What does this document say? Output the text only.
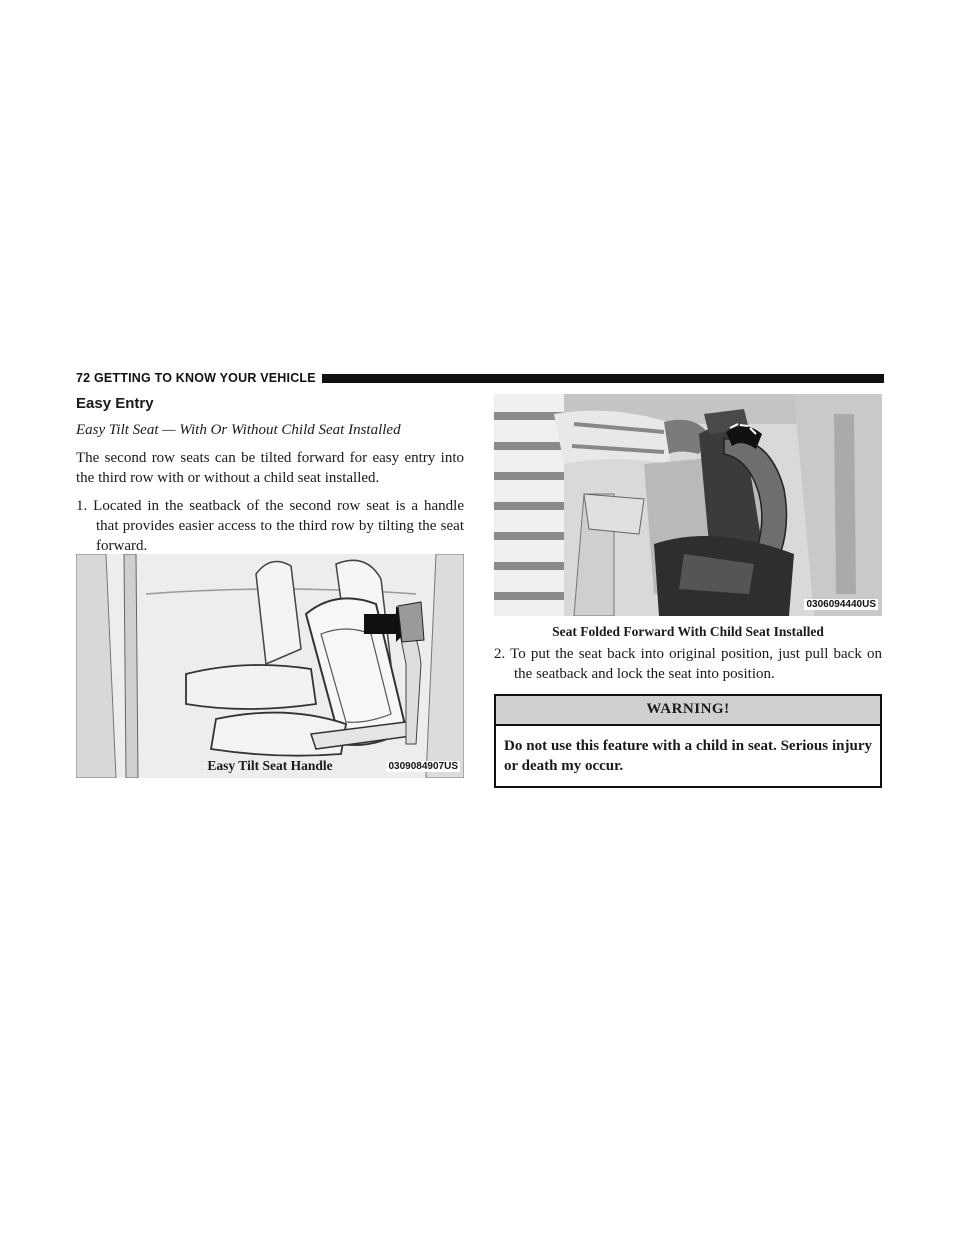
72 GETTING TO KNOW YOUR VEHICLE
Easy Entry
Easy Tilt Seat — With Or Without Child Seat Installed
The second row seats can be tilted forward for easy entry into the third row with or without a child seat installed.
1. Located in the seatback of the second row seat is a handle that provides easier access to the third row by tilting the seat forward.
0309084907US
Easy Tilt Seat Handle
0306094440US
Seat Folded Forward With Child Seat Installed
2. To put the seat back into original position, just pull back on the seatback and lock the seat into position.
WARNING!
Do not use this feature with a child in seat. Serious injury or death my occur.
